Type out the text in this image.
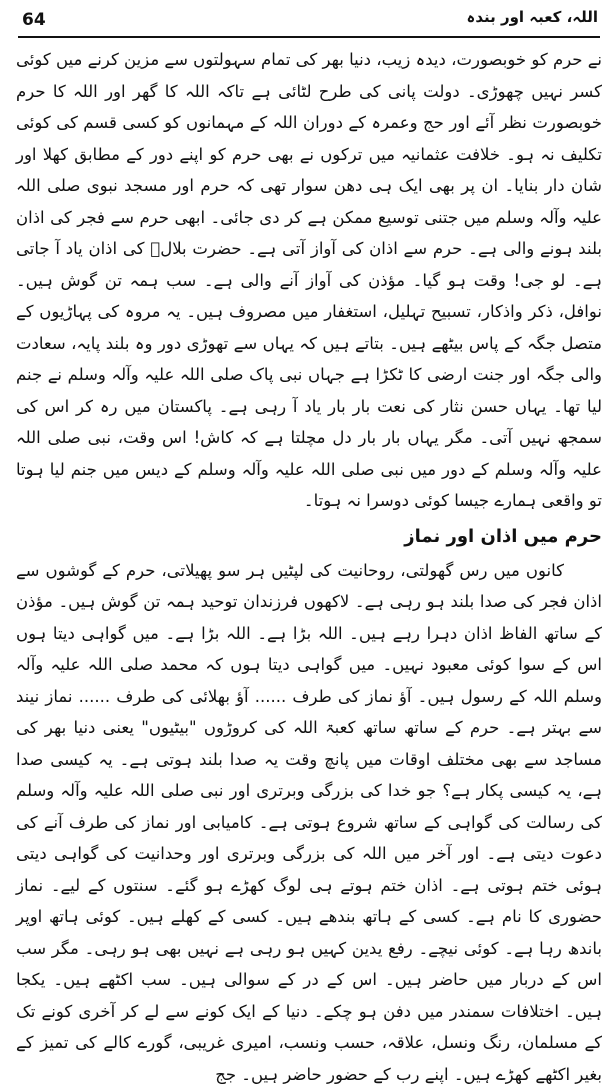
64	اللہ، کعبہ اور بندہ

نے حرم کو خوبصورت، دیدہ زیب، دنیا بھر کی تمام سہولتوں سے مزین کرنے میں کوئی کسر نہیں چھوڑی۔ دولت پانی کی طرح لٹائی ہے تاکہ اللہ کا گھر اور اللہ کا حرم خوبصورت نظر آئے اور حج وعمرہ کے دوران اللہ کے مہمانوں کو کسی قسم کی کوئی تکلیف نہ ہو۔ خلافت عثمانیہ میں ترکوں نے بھی حرم کو اپنے دور کے مطابق کھلا اور شان دار بنایا۔ ان پر بھی ایک ہی دھن سوار تھی کہ حرم اور مسجد نبوی صلی اللہ علیہ وآلہ وسلم میں جتنی توسیع ممکن ہے کر دی جائی۔ ابھی حرم سے فجر کی اذان بلند ہونے والی ہے۔ حرم سے اذان کی آواز آتی ہے۔ حضرت بلالؓ کی اذان یاد آ جاتی ہے۔ لو جی! وقت ہو گیا۔ مؤذن کی آواز آنے والی ہے۔ سب ہمہ تن گوش ہیں۔ نوافل، ذکر واذکار، تسبیح تہلیل، استغفار میں مصروف ہیں۔ یہ مروہ کی پہاڑیوں کے متصل جگہ کے پاس بیٹھے ہیں۔ بتاتے ہیں کہ یہاں سے تھوڑی دور وہ بلند پایہ، سعادت والی جگہ اور جنت ارضی کا ٹکڑا ہے جہاں نبی پاک صلی اللہ علیہ وآلہ وسلم نے جنم لیا تھا۔ یہاں حسن نثار کی نعت بار بار یاد آ رہی ہے۔ پاکستان میں رہ کر اس کی سمجھ نہیں آتی۔ مگر یہاں بار بار دل مچلتا ہے کہ کاش! اس وقت، نبی صلی اللہ علیہ وآلہ وسلم کے دور میں نبی صلی اللہ علیہ وآلہ وسلم کے دیس میں جنم لیا ہوتا تو واقعی ہمارے جیسا کوئی دوسرا نہ ہوتا۔

حرم میں اذان اور نماز

کانوں میں رس گھولتی، روحانیت کی لپٹیں ہر سو پھیلاتی، حرم کے گوشوں سے اذان فجر کی صدا بلند ہو رہی ہے۔ لاکھوں فرزندان توحید ہمہ تن گوش ہیں۔ مؤذن کے ساتھ الفاظ اذان دہرا رہے ہیں۔ اللہ بڑا ہے۔ اللہ بڑا ہے۔ میں گواہی دیتا ہوں اس کے سوا کوئی معبود نہیں۔ میں گواہی دیتا ہوں کہ محمد صلی اللہ علیہ وآلہ وسلم اللہ کے رسول ہیں۔ آؤ نماز کی طرف ...... آؤ بھلائی کی طرف ...... نماز نیند سے بہتر ہے۔ حرم کے ساتھ ساتھ کعبۃ اللہ کی کروڑوں "بیٹیوں" یعنی دنیا بھر کی مساجد سے بھی مختلف اوقات میں پانچ وقت یہ صدا بلند ہوتی ہے۔ یہ کیسی صدا ہے، یہ کیسی پکار ہے؟ جو خدا کی بزرگی وبرتری اور نبی صلی اللہ علیہ وآلہ وسلم کی رسالت کی گواہی کے ساتھ شروع ہوتی ہے۔ کامیابی اور نماز کی طرف آنے کی دعوت دیتی ہے۔ اور آخر میں اللہ کی بزرگی وبرتری اور وحدانیت کی گواہی دیتی ہوئی ختم ہوتی ہے۔ اذان ختم ہوتے ہی لوگ کھڑے ہو گئے۔ سنتوں کے لیے۔ نماز حضوری کا نام ہے۔ کسی کے ہاتھ بندھے ہیں۔ کسی کے کھلے ہیں۔ کوئی ہاتھ اوپر باندھ رہا ہے۔ کوئی نیچے۔ رفع یدین کہیں ہو رہی ہے نہیں بھی ہو رہی۔ مگر سب اس کے دربار میں حاضر ہیں۔ اس کے در کے سوالی ہیں۔ سب اکٹھے ہیں۔ یکجا ہیں۔ اختلافات سمندر میں دفن ہو چکے۔ دنیا کے ایک کونے سے لے کر آخری کونے تک کے مسلمان، رنگ ونسل، علاقہ، حسب ونسب، امیری غریبی، گورے کالے کی تمیز کے بغیر اکٹھے کھڑے ہیں۔ اپنے رب کے حضور حاضر ہیں۔ جج
